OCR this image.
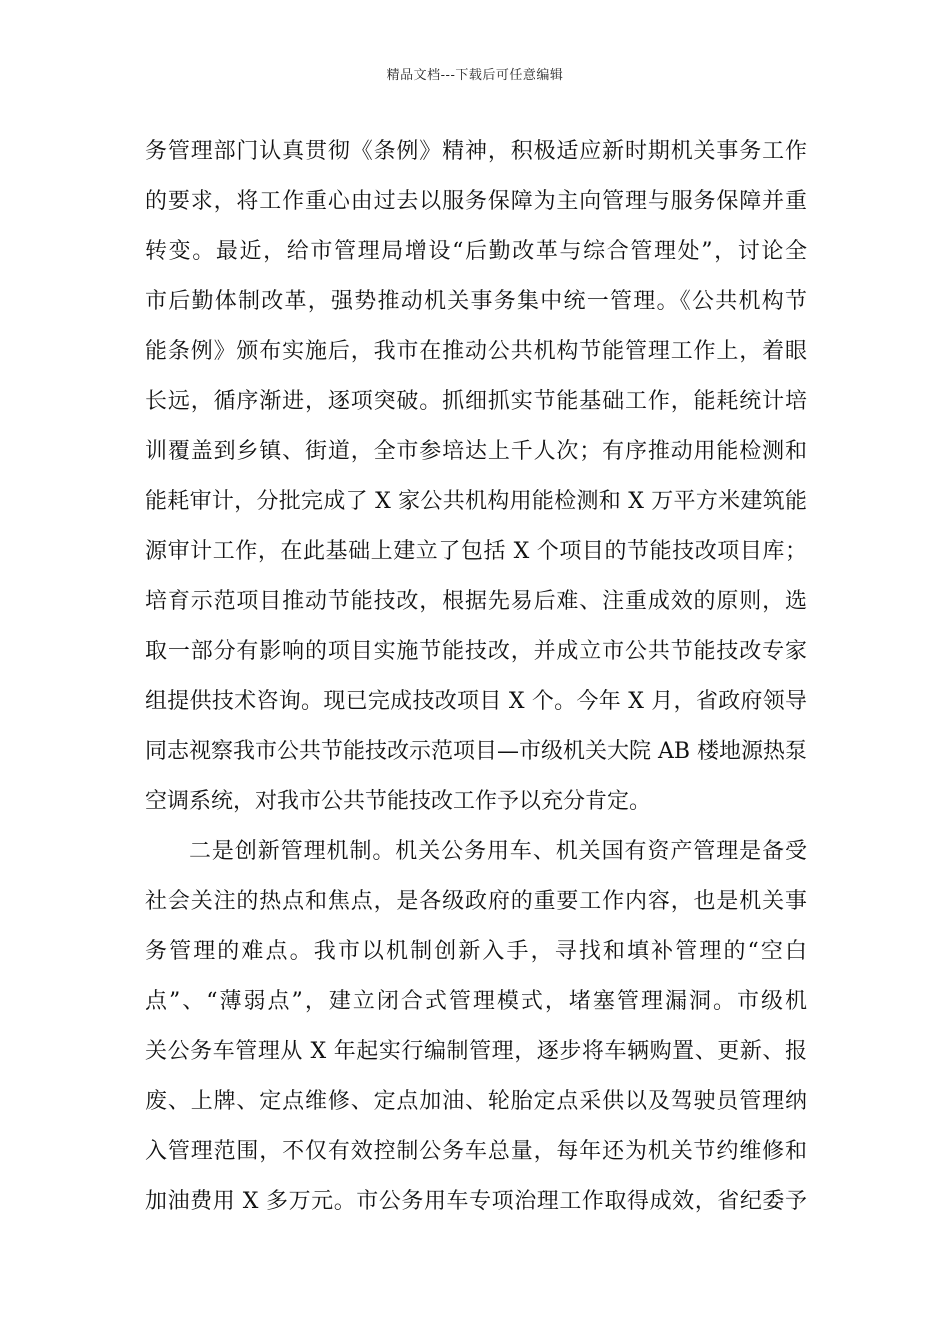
精品文档---下载后可任意编辑
务管理部门认真贯彻《条例》精神，积极适应新时期机关事务工作
的要求，将工作重心由过去以服务保障为主向管理与服务保障并重
转变。最近，给市管理局增设“后勤改革与综合管理处”，讨论全
市后勤体制改革，强势推动机关事务集中统一管理。《公共机构节
能条例》颁布实施后，我市在推动公共机构节能管理工作上，着眼
长远，循序渐进，逐项突破。抓细抓实节能基础工作，能耗统计培
训覆盖到乡镇、街道，全市参培达上千人次；有序推动用能检测和
能耗审计，分批完成了 X 家公共机构用能检测和 X 万平方米建筑能
源审计工作，在此基础上建立了包括 X 个项目的节能技改项目库；
培育示范项目推动节能技改，根据先易后难、注重成效的原则，选
取一部分有影响的项目实施节能技改，并成立市公共节能技改专家
组提供技术咨询。现已完成技改项目 X 个。今年 X 月，省政府领导
同志视察我市公共节能技改示范项目—市级机关大院 AB 楼地源热泵
空调系统，对我市公共节能技改工作予以充分肯定。
二是创新管理机制。机关公务用车、机关国有资产管理是备受
社会关注的热点和焦点，是各级政府的重要工作内容，也是机关事
务管理的难点。我市以机制创新入手，寻找和填补管理的“空白
点”、“薄弱点”，建立闭合式管理模式，堵塞管理漏洞。市级机
关公务车管理从 X 年起实行编制管理，逐步将车辆购置、更新、报
废、上牌、定点维修、定点加油、轮胎定点采供以及驾驶员管理纳
入管理范围，不仅有效控制公务车总量，每年还为机关节约维修和
加油费用 X 多万元。市公务用车专项治理工作取得成效，省纪委予
